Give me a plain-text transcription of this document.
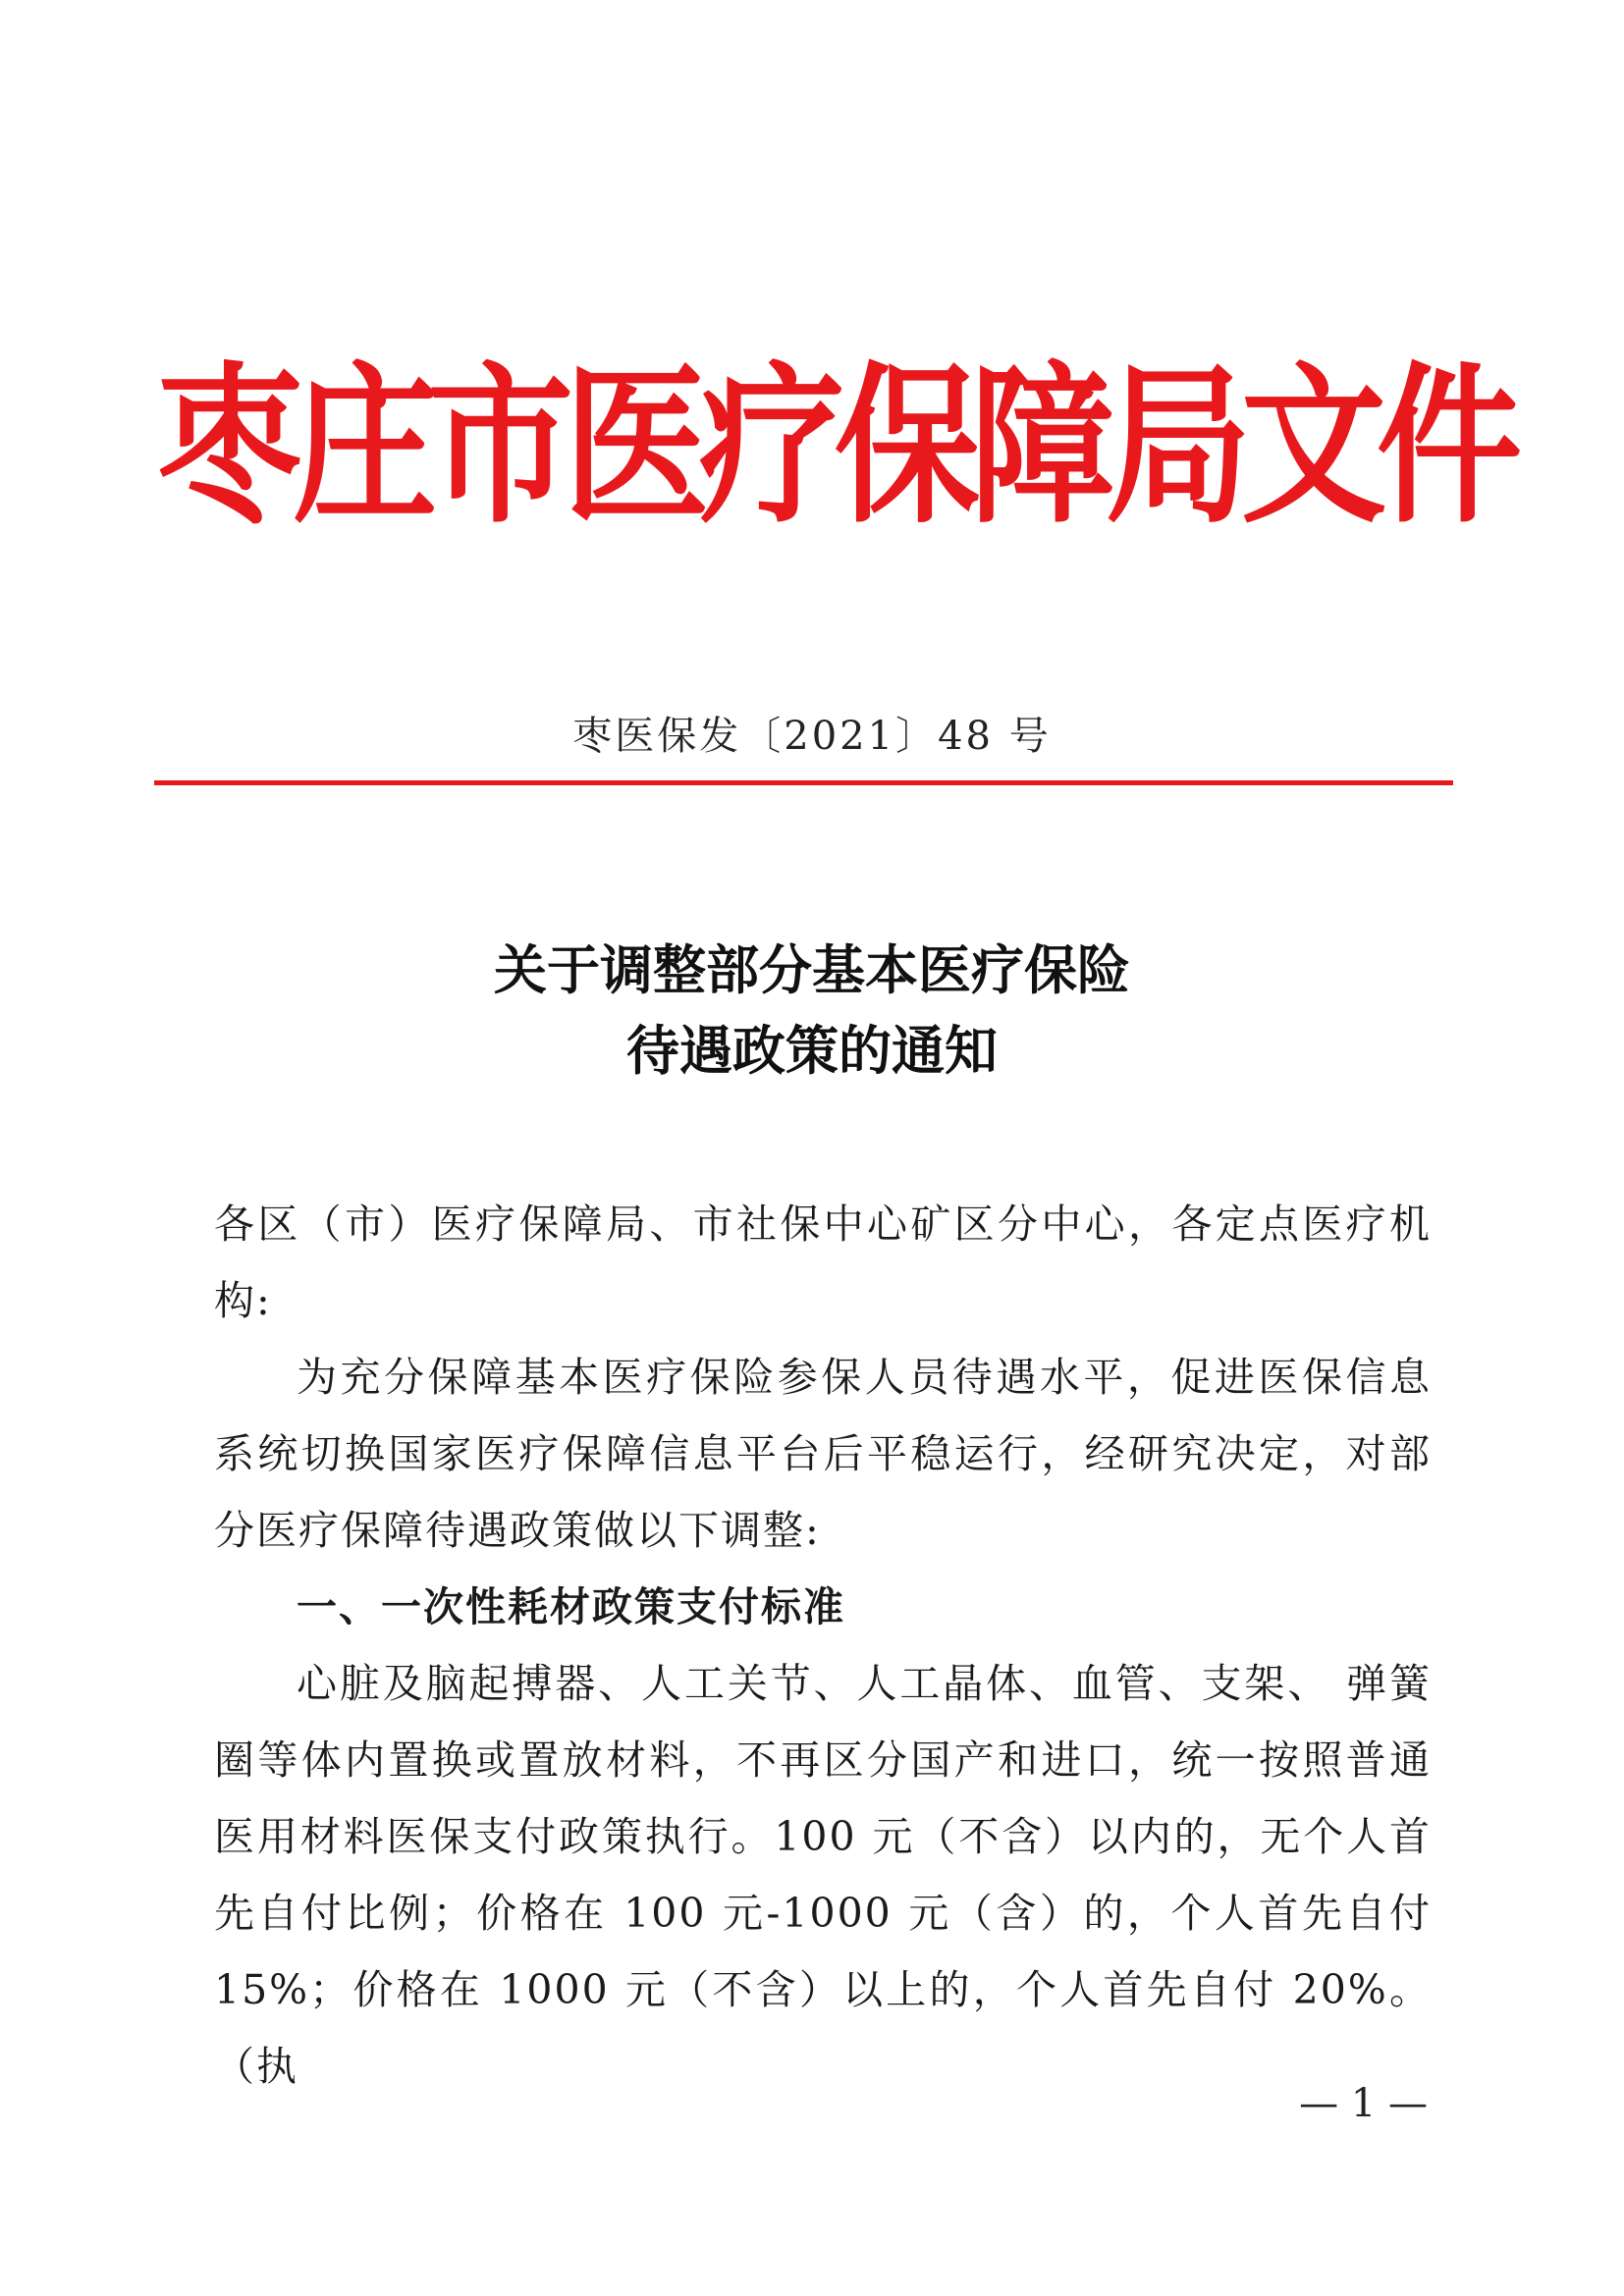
枣庄市医疗保障局文件
枣医保发〔2021〕48 号
关于调整部分基本医疗保险
待遇政策的通知

各区（市）医疗保障局、市社保中心矿区分中心，各定点医疗机构:

为充分保障基本医疗保险参保人员待遇水平，促进医保信息系统切换国家医疗保障信息平台后平稳运行，经研究决定，对部分医疗保障待遇政策做以下调整:

一、一次性耗材政策支付标准

心脏及脑起搏器、人工关节、人工晶体、血管、支架、 弹簧圈等体内置换或置放材料，不再区分国产和进口，统一按照普通医用材料医保支付政策执行。100 元（不含）以内的，无个人首先自付比例；价格在 100 元-1000 元（含）的，个人首先自付15%；价格在 1000 元（不含）以上的，个人首先自付 20%。（执

— 1 —
